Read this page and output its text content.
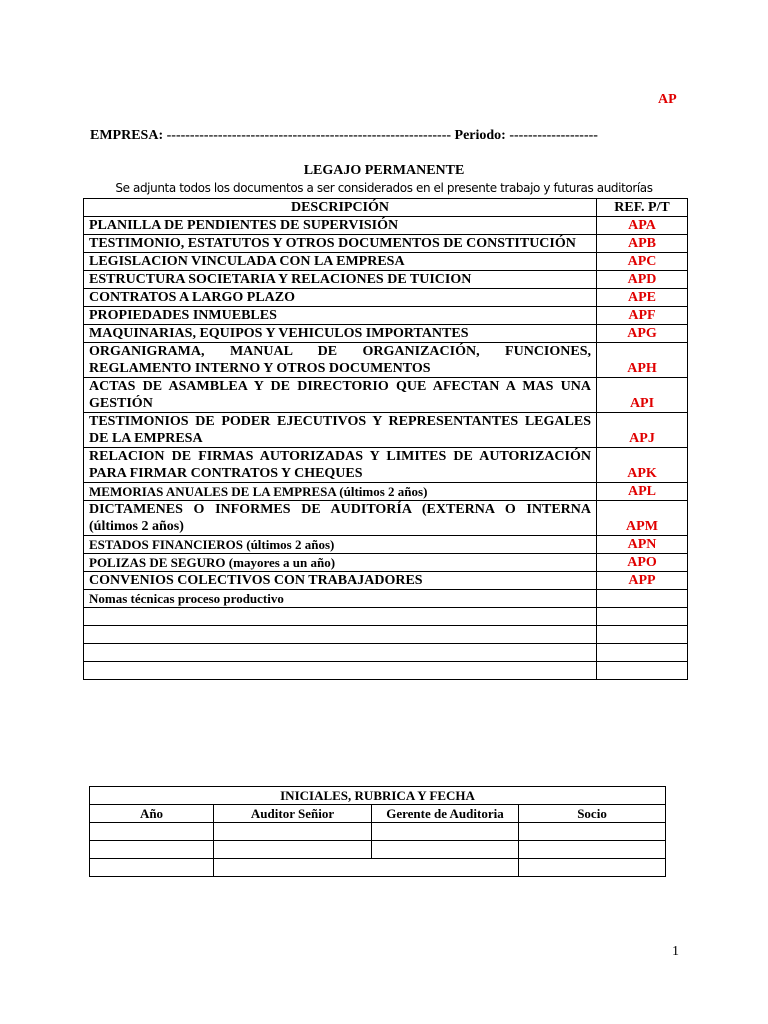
AP
EMPRESA: ------------------------------------------------------------- Periodo: -------------------
LEGAJO PERMANENTE
Se adjunta todos los documentos a ser considerados en el presente trabajo y futuras auditorías
DESCRIPCIÓN	REF. P/T
PLANILLA DE PENDIENTES DE SUPERVISIÓN	APA
TESTIMONIO, ESTATUTOS Y OTROS DOCUMENTOS DE CONSTITUCIÓN	APB
LEGISLACION VINCULADA CON LA EMPRESA	APC
ESTRUCTURA SOCIETARIA Y RELACIONES DE TUICION	APD
CONTRATOS A LARGO PLAZO	APE
PROPIEDADES INMUEBLES	APF
MAQUINARIAS, EQUIPOS Y VEHICULOS IMPORTANTES	APG
ORGANIGRAMA, MANUAL DE ORGANIZACIÓN, FUNCIONES, REGLAMENTO INTERNO Y OTROS DOCUMENTOS	APH
ACTAS DE ASAMBLEA Y DE DIRECTORIO QUE AFECTAN A MAS UNA GESTIÓN	API
TESTIMONIOS DE PODER EJECUTIVOS Y REPRESENTANTES LEGALES DE LA EMPRESA	APJ
RELACION DE FIRMAS AUTORIZADAS Y LIMITES DE AUTORIZACIÓN PARA FIRMAR CONTRATOS Y CHEQUES	APK
MEMORIAS ANUALES DE LA EMPRESA (últimos 2 años)	APL
DICTAMENES O INFORMES DE AUDITORÍA (EXTERNA O INTERNA (últimos 2 años)	APM
ESTADOS FINANCIEROS (últimos 2 años)	APN
POLIZAS DE SEGURO (mayores a un año)	APO
CONVENIOS COLECTIVOS CON TRABAJADORES	APP
Nomas técnicas proceso productivo	

INICIALES, RUBRICA Y FECHA			
Año	Auditor Señior	Gerente de Auditoria	Socio

1
